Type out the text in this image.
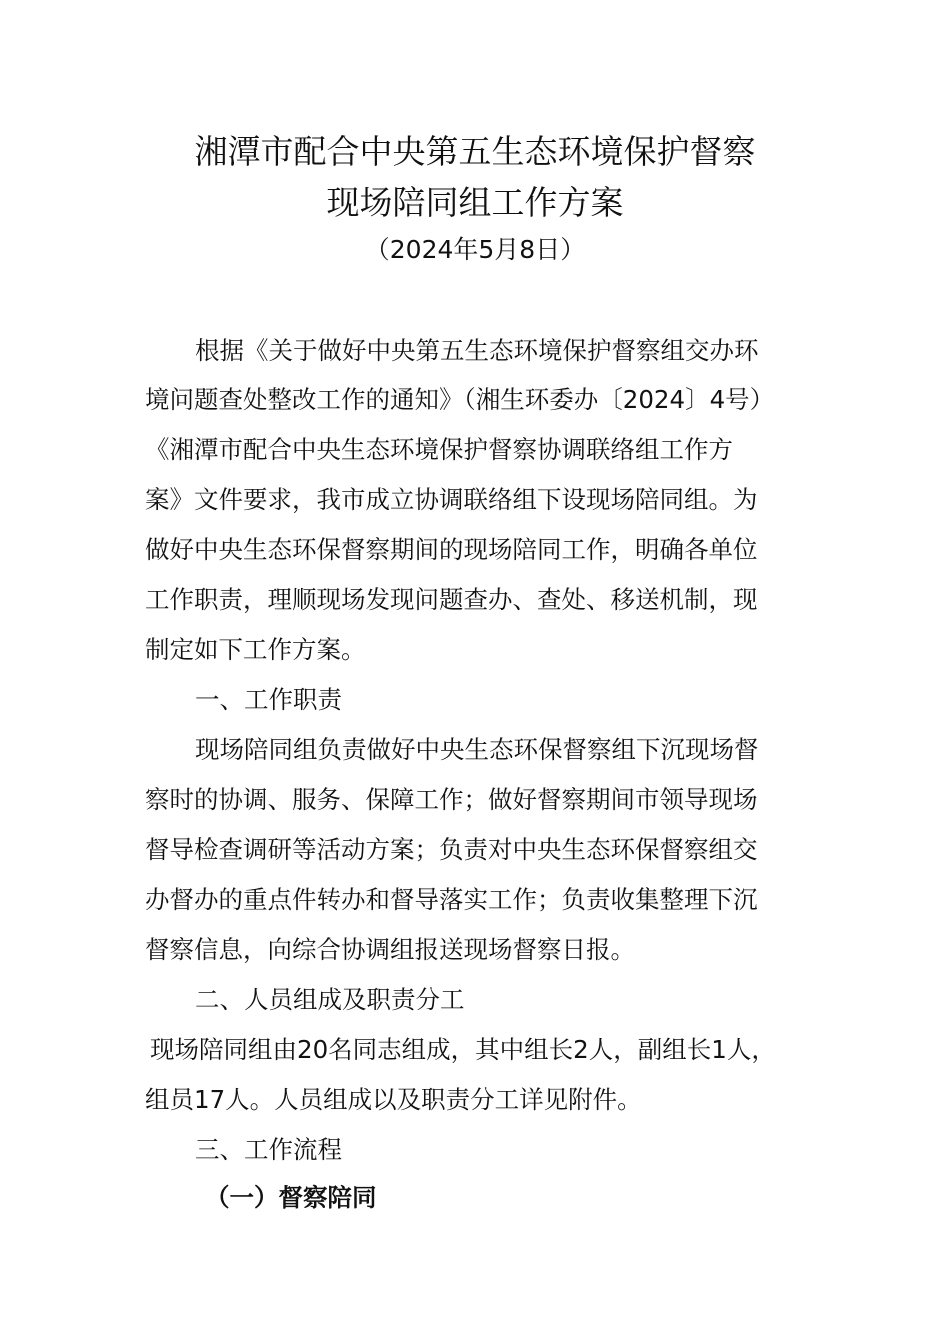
湘潭市配合中央第五生态环境保护督察
现场陪同组工作方案
（2024年5月8日）
根据《关于做好中央第五生态环境保护督察组交办环
境问题查处整改工作的通知》（湘生环委办〔2024〕4号）
《湘潭市配合中央生态环境保护督察协调联络组工作方
案》文件要求，我市成立协调联络组下设现场陪同组。为
做好中央生态环保督察期间的现场陪同工作，明确各单位
工作职责，理顺现场发现问题查办、查处、移送机制，现
制定如下工作方案。
一、工作职责
现场陪同组负责做好中央生态环保督察组下沉现场督
察时的协调、服务、保障工作；做好督察期间市领导现场
督导检查调研等活动方案；负责对中央生态环保督察组交
办督办的重点件转办和督导落实工作；负责收集整理下沉
督察信息，向综合协调组报送现场督察日报。
二、人员组成及职责分工
现场陪同组由20名同志组成，其中组长2人，副组长1人，
组员17人。人员组成以及职责分工详见附件。
三、工作流程
（一）督察陪同
